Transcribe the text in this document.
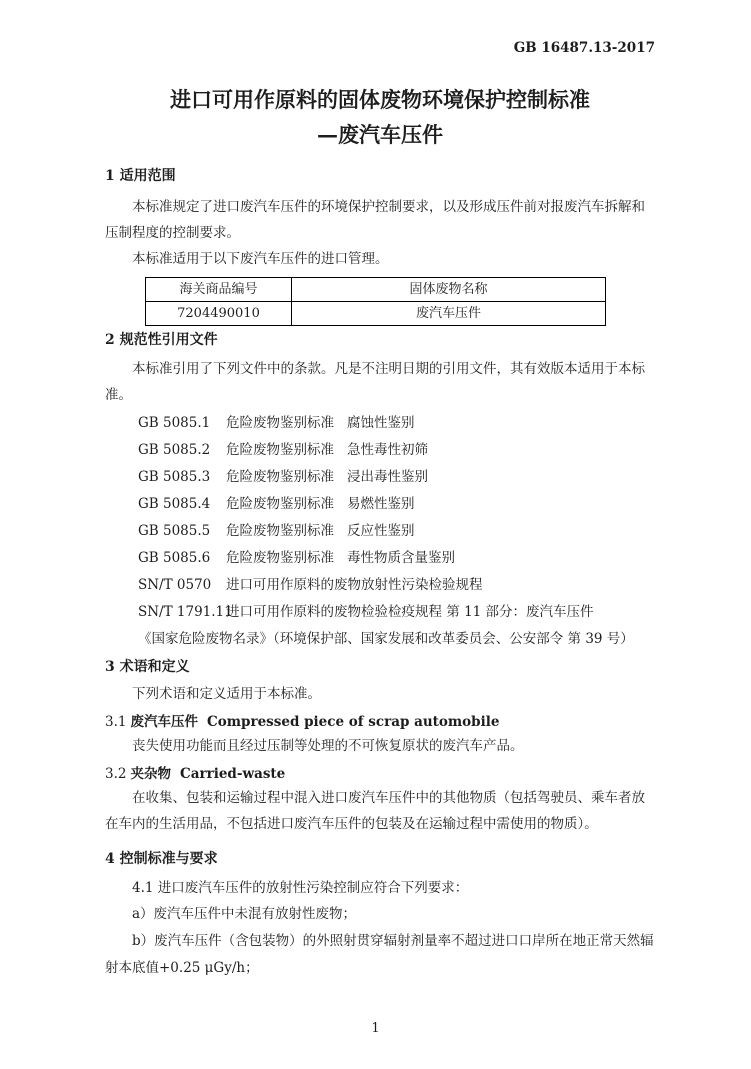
GB 16487.13-2017
进口可用作原料的固体废物环境保护控制标准
—废汽车压件
1 适用范围

本标准规定了进口废汽车压件的环境保护控制要求，以及形成压件前对报废汽车拆解和压制程度的控制要求。

本标准适用于以下废汽车压件的进口管理。

海关商品编号	固体废物名称
7204490010	废汽车压件
2 规范性引用文件

本标准引用了下列文件中的条款。凡是不注明日期的引用文件，其有效版本适用于本标准。

GB 5085.1 危险废物鉴别标准 腐蚀性鉴别
GB 5085.2 危险废物鉴别标准 急性毒性初筛
GB 5085.3 危险废物鉴别标准 浸出毒性鉴别
GB 5085.4 危险废物鉴别标准 易燃性鉴别
GB 5085.5 危险废物鉴别标准 反应性鉴别
GB 5085.6 危险废物鉴别标准 毒性物质含量鉴别
SN/T 0570 进口可用作原料的废物放射性污染检验规程
SN/T 1791.11进口可用作原料的废物检验检疫规程 第 11 部分：废汽车压件
《国家危险废物名录》（环境保护部、国家发展和改革委员会、公安部令 第 39 号）
3 术语和定义

下列术语和定义适用于本标准。

3.1 废汽车压件 Compressed piece of scrap automobile

丧失使用功能而且经过压制等处理的不可恢复原状的废汽车产品。

3.2 夹杂物 Carried-waste

在收集、包装和运输过程中混入进口废汽车压件中的其他物质（包括驾驶员、乘车者放在车内的生活用品，不包括进口废汽车压件的包装及在运输过程中需使用的物质）。

4 控制标准与要求

4.1 进口废汽车压件的放射性污染控制应符合下列要求：

a）废汽车压件中未混有放射性废物；

b）废汽车压件（含包装物）的外照射贯穿辐射剂量率不超过进口口岸所在地正常天然辐射本底值+0.25 μGy/h；

1
